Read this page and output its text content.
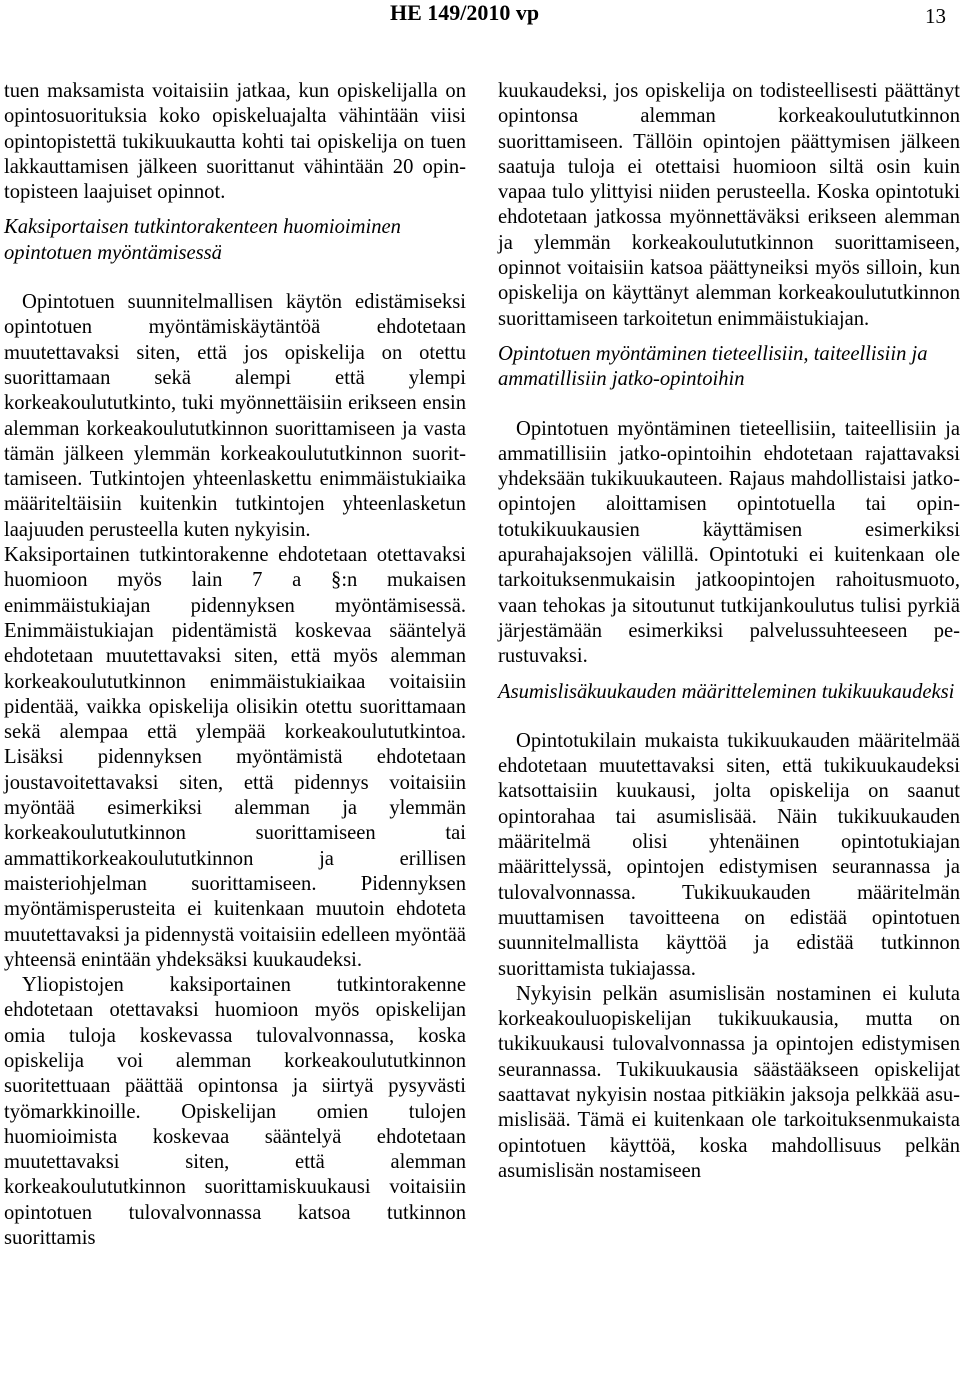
HE 149/2010 vp	13

tuen maksamista voitaisiin jatkaa, kun opiskelijalla on opintosuorituksia koko opiskeluajalta vähintään viisi opintopistettä tukikuukautta kohti tai opiskelija on tuen lakkauttamisen jälkeen suorittanut vähintään 20 opintopisteen laajuiset opinnot.

Kaksiportaisen tutkintorakenteen huomioiminen opintotuen myöntämisessä

Opintotuen suunnitelmallisen käytön edistämiseksi opintotuen myöntämiskäytäntöä ehdotetaan muutettavaksi siten, että jos opiskelija on otettu suorittamaan sekä alempi että ylempi korkeakoulututkinto, tuki myönnettäisiin erikseen ensin alemman korkeakoulututkinnon suorittamiseen ja vasta tämän jälkeen ylemmän korkeakoulututkinnon suorittamiseen. Tutkintojen yhteenlaskettu enimmäistukiaika määriteltäisiin kuitenkin tutkintojen yhteenlasketun laajuuden perusteella kuten nykyisin.

Kaksiportainen tutkintorakenne ehdotetaan otettavaksi huomioon myös lain 7 a §:n mukaisen enimmäistukiajan pidennyksen myöntämisessä. Enimmäistukiajan pidentämistä koskevaa sääntelyä ehdotetaan muutettavaksi siten, että myös alemman korkeakoulututkinnon enimmäistukiaikaa voitaisiin pidentää, vaikka opiskelija olisikin otettu suorittamaan sekä alempaa että ylempää korkeakoulututkintoa. Lisäksi pidennyksen myöntämistä ehdotetaan joustavoitettavaksi siten, että pidennys voitaisiin myöntää esimerkiksi alemman ja ylemmän korkeakoulututkinnon suorittamiseen tai ammattikorkeakoulututkinnon ja erillisen maisteriohjelman suorittamiseen. Pidennyksen myöntämisperusteita ei kuitenkaan muutoin ehdoteta muutettavaksi ja pidennystä voitaisiin edelleen myöntää yhteensä enintään yhdeksäksi kuukaudeksi.

Yliopistojen kaksiportainen tutkintorakenne ehdotetaan otettavaksi huomioon myös opiskelijan omia tuloja koskevassa tulovalvonnassa, koska opiskelija voi alemman korkeakoulututkinnon suoritettuaan päättää opintonsa ja siirtyä pysyvästi työmarkkinoille. Opiskelijan omien tulojen huomioimista koskevaa sääntelyä ehdotetaan muutettavaksi siten, että alemman korkeakoulututkinnon suorittamiskuukausi voitaisiin opintotuen tulovalvonnassa katsoa tutkinnon suorittamis

kuukaudeksi, jos opiskelija on todisteellisesti päättänyt opintonsa alemman korkeakoulututkinnon suorittamiseen. Tällöin opintojen päättymisen jälkeen saatuja tuloja ei otettaisi huomioon siltä osin kuin vapaa tulo ylittyisi niiden perusteella. Koska opintotuki ehdotetaan jatkossa myönnettäväksi erikseen alemman ja ylemmän korkeakoulututkinnon suorittamiseen, opinnot voitaisiin katsoa päättyneiksi myös silloin, kun opiskelija on käyttänyt alemman korkeakoulututkinnon suorittamiseen tarkoitetun enimmäistukiajan.

Opintotuen myöntäminen tieteellisiin, taiteellisiin ja ammatillisiin jatko-opintoihin

Opintotuen myöntäminen tieteellisiin, taiteellisiin ja ammatillisiin jatko-opintoihin ehdotetaan rajattavaksi yhdeksään tukikuukauteen. Rajaus mahdollistaisi jatkoopintojen aloittamisen opintotuella tai opintotukikuukausien käyttämisen esimerkiksi apurahajaksojen välillä. Opintotuki ei kuitenkaan ole tarkoituksenmukaisin jatkoopintojen rahoitusmuoto, vaan tehokas ja sitoutunut tutkijankoulutus tulisi pyrkiä järjestämään esimerkiksi palvelussuhteeseen perustuvaksi.

Asumislisäkuukauden määritteleminen tukikuukaudeksi

Opintotukilain mukaista tukikuukauden määritelmää ehdotetaan muutettavaksi siten, että tukikuukaudeksi katsottaisiin kuukausi, jolta opiskelija on saanut opintorahaa tai asumislisää. Näin tukikuukauden määritelmä olisi yhtenäinen opintotukiajan määrittelyssä, opintojen edistymisen seurannassa ja tulovalvonnassa. Tukikuukauden määritelmän muuttamisen tavoitteena on edistää opintotuen suunnitelmallista käyttöä ja edistää tutkinnon suorittamista tukiajassa.

Nykyisin pelkän asumislisän nostaminen ei kuluta korkeakouluopiskelijan tukikuukausia, mutta on tukikuukausi tulovalvonnassa ja opintojen edistymisen seurannassa. Tukikuukausia säästääkseen opiskelijat saattavat nykyisin nostaa pitkiäkin jaksoja pelkkää asumislisää. Tämä ei kuitenkaan ole tarkoituksenmukaista opintotuen käyttöä, koska mahdollisuus pelkän asumislisän nostamiseen
